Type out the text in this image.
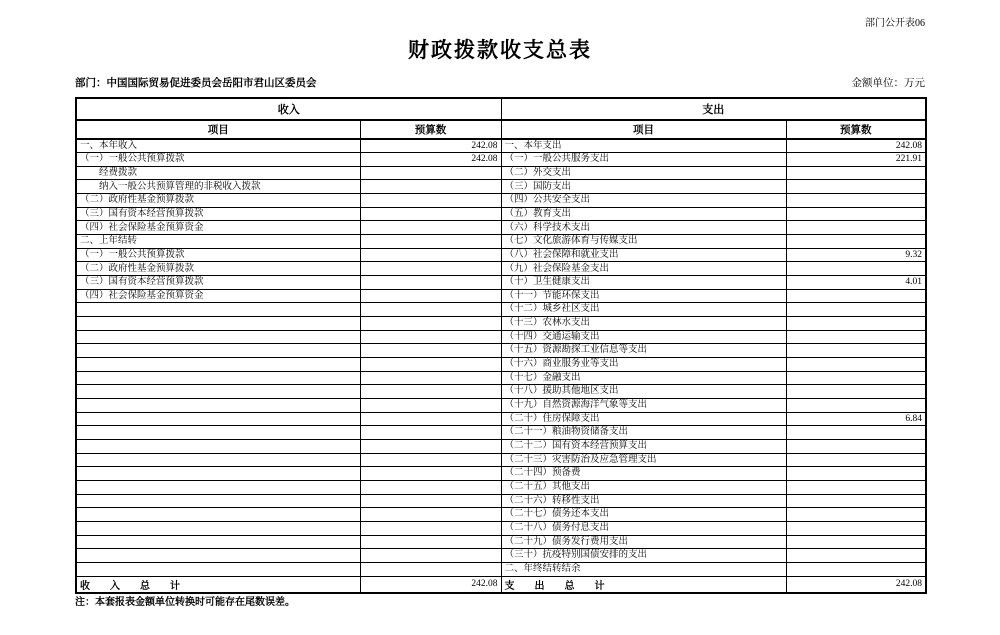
部门公开表06
财政拨款收支总表
部门：中国国际贸易促进委员会岳阳市君山区委员会	金额单位：万元
收入		支出	
项目	预算数	项目	预算数
一、本年收入	242.08	一、本年支出	242.08
（一）一般公共预算拨款	242.08	（一）一般公共服务支出	221.91
经费拨款		（二）外交支出	
纳入一般公共预算管理的非税收入拨款		（三）国防支出	
（二）政府性基金预算拨款		（四）公共安全支出	
（三）国有资本经营预算拨款		（五）教育支出	
（四）社会保险基金预算资金		（六）科学技术支出	
二、上年结转		（七）文化旅游体育与传媒支出	
（一）一般公共预算拨款		（八）社会保障和就业支出	9.32
（二）政府性基金预算拨款		（九）社会保险基金支出	
（三）国有资本经营预算拨款		（十）卫生健康支出	4.01
（四）社会保险基金预算资金		（十一）节能环保支出	
		（十二）城乡社区支出	
		（十三）农林水支出	
		（十四）交通运输支出	
		（十五）资源勘探工业信息等支出	
		（十六）商业服务业等支出	
		（十七）金融支出	
		（十八）援助其他地区支出	
		（十九）自然资源海洋气象等支出	
		（二十）住房保障支出	6.84
		（二十一）粮油物资储备支出	
		（二十二）国有资本经营预算支出	
		（二十三）灾害防治及应急管理支出	
		（二十四）预备费	
		（二十五）其他支出	
		（二十六）转移性支出	
		（二十七）债务还本支出	
		（二十八）债务付息支出	
		（二十九）债务发行费用支出	
		（三十）抗疫特别国债安排的支出	
		二、年终结转结余	
收　　入　　总　　计	242.08	支　　出　　总　　计	242.08
注：本套报表金额单位转换时可能存在尾数误差。
